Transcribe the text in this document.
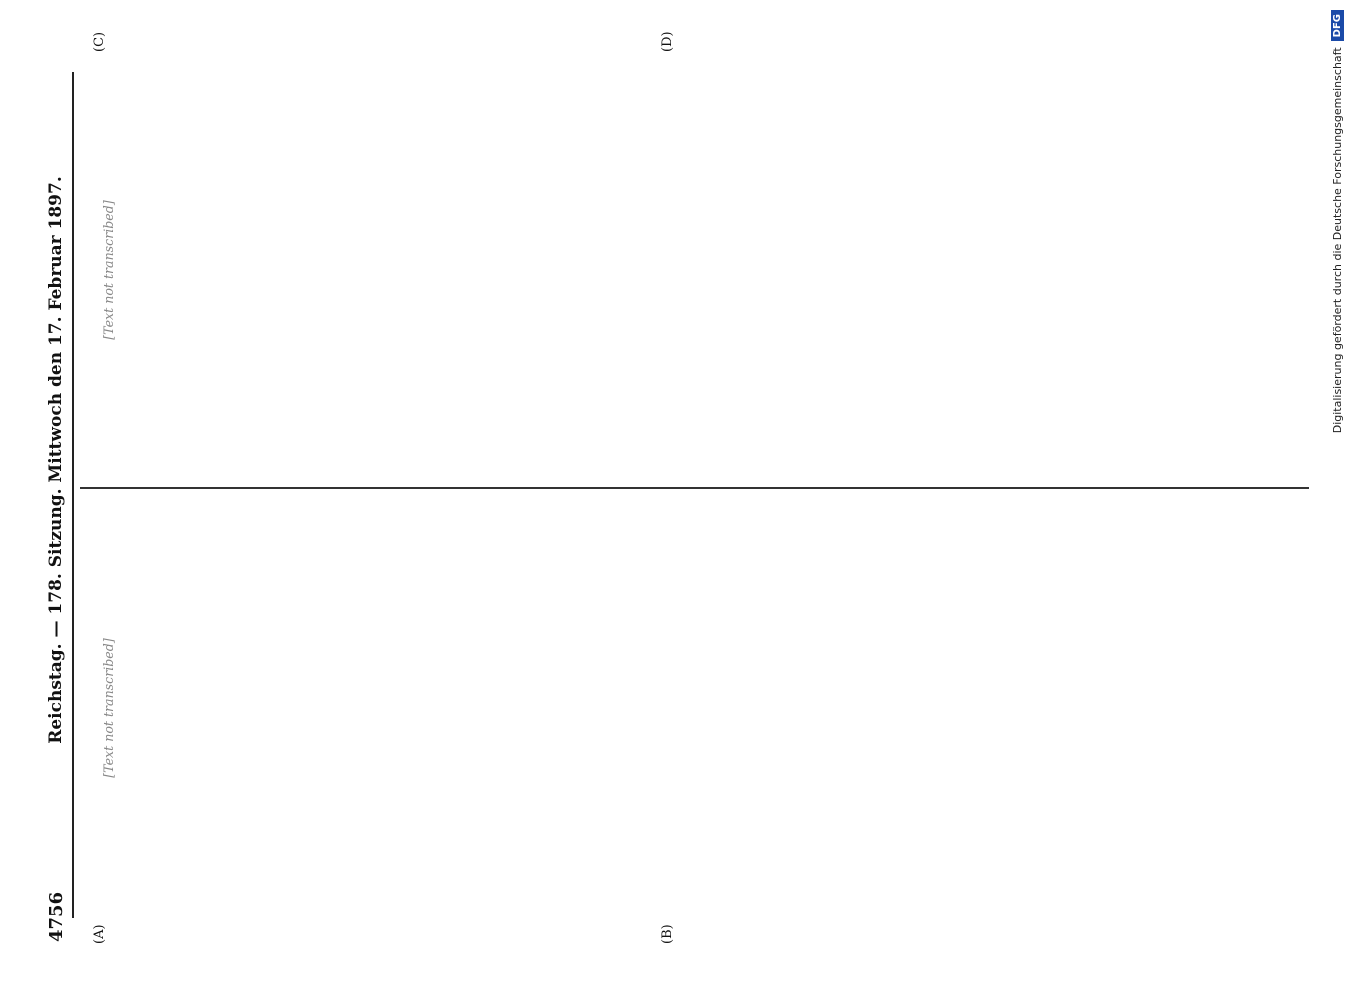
4756
Reichstag. — 178. Sitzung. Mittwoch den 17. Februar 1897.
(A)	(B)
(C)	(D)

[Text not transcribed]

[Text not transcribed]	Digitalisierung gefördert durch die Deutsche Forschungsgemeinschaft
DFG
